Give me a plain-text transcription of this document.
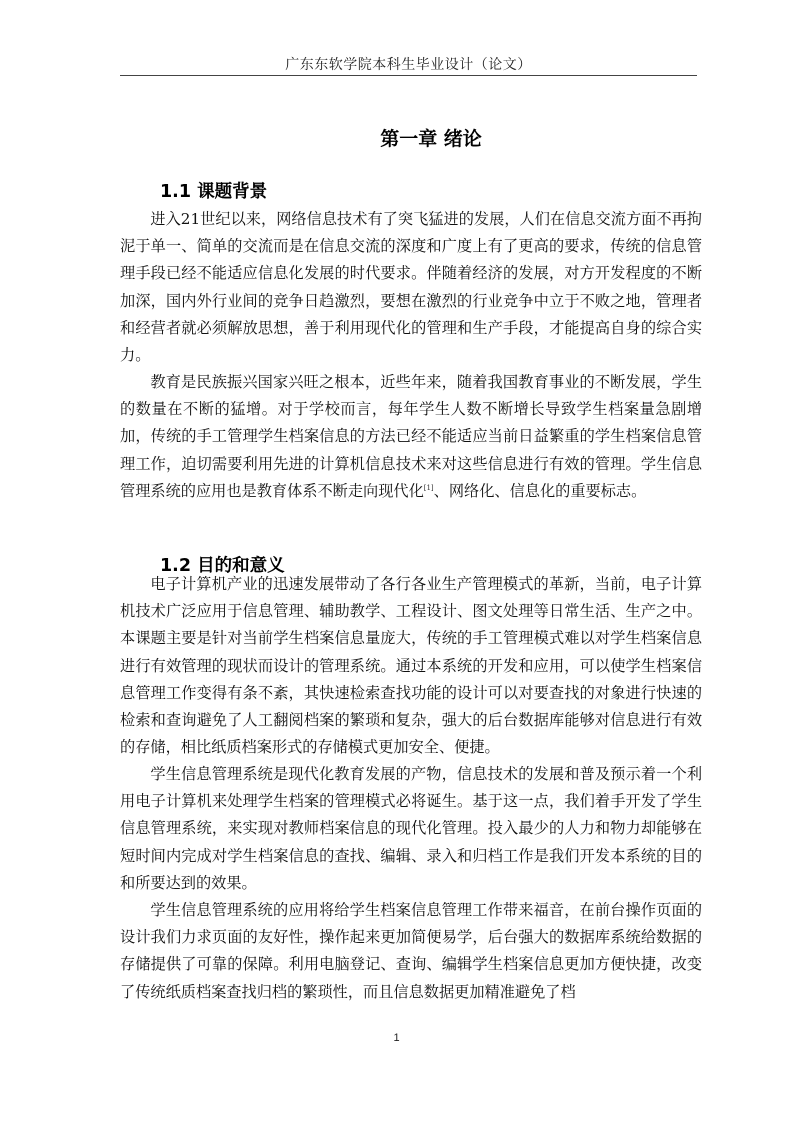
广东东软学院本科生毕业设计（论文）
第一章 绪论
1.1 课题背景

进入21世纪以来，网络信息技术有了突飞猛进的发展，人们在信息交流方面不再拘泥于单一、简单的交流而是在信息交流的深度和广度上有了更高的要求，传统的信息管理手段已经不能适应信息化发展的时代要求。伴随着经济的发展，对方开发程度的不断加深，国内外行业间的竞争日趋激烈，要想在激烈的行业竞争中立于不败之地，管理者和经营者就必须解放思想，善于利用现代化的管理和生产手段，才能提高自身的综合实力。

教育是民族振兴国家兴旺之根本，近些年来，随着我国教育事业的不断发展，学生的数量在不断的猛增。对于学校而言，每年学生人数不断增长导致学生档案量急剧增加，传统的手工管理学生档案信息的方法已经不能适应当前日益繁重的学生档案信息管理工作，迫切需要利用先进的计算机信息技术来对这些信息进行有效的管理。学生信息管理系统的应用也是教育体系不断走向现代化[1]、网络化、信息化的重要标志。

1.2 目的和意义

电子计算机产业的迅速发展带动了各行各业生产管理模式的革新，当前，电子计算机技术广泛应用于信息管理、辅助教学、工程设计、图文处理等日常生活、生产之中。本课题主要是针对当前学生档案信息量庞大，传统的手工管理模式难以对学生档案信息进行有效管理的现状而设计的管理系统。通过本系统的开发和应用，可以使学生档案信息管理工作变得有条不紊，其快速检索查找功能的设计可以对要查找的对象进行快速的检索和查询避免了人工翻阅档案的繁琐和复杂，强大的后台数据库能够对信息进行有效的存储，相比纸质档案形式的存储模式更加安全、便捷。

学生信息管理系统是现代化教育发展的产物，信息技术的发展和普及预示着一个利用电子计算机来处理学生档案的管理模式必将诞生。基于这一点，我们着手开发了学生信息管理系统，来实现对教师档案信息的现代化管理。投入最少的人力和物力却能够在短时间内完成对学生档案信息的查找、编辑、录入和归档工作是我们开发本系统的目的和所要达到的效果。

学生信息管理系统的应用将给学生档案信息管理工作带来福音，在前台操作页面的设计我们力求页面的友好性，操作起来更加简便易学，后台强大的数据库系统给数据的存储提供了可靠的保障。利用电脑登记、查询、编辑学生档案信息更加方便快捷，改变了传统纸质档案查找归档的繁琐性，而且信息数据更加精准避免了档

1
